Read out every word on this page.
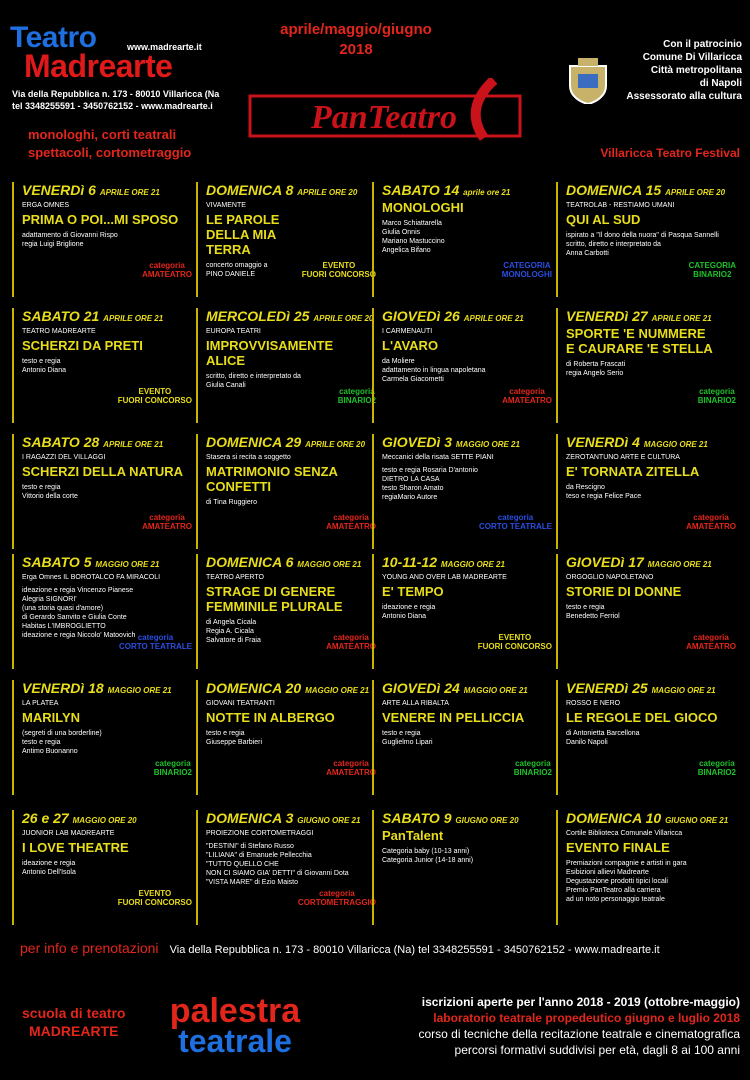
Teatro
Madrearte
www.madrearte.it
Via della Repubblica n. 173 - 80010 Villaricca (Na
tel 3348255591 - 3450762152 - www.madrearte.i
monologhi, corti teatrali
spettacoli, cortometraggio
aprile/maggio/giugno
2018
PanTeatro
Con il patrocinio
Comune Di Villaricca
Città metropolitana
di Napoli
Assessorato alla cultura
Villaricca Teatro Festival
VENERDì 6 APRILE ORE 21
ERGA OMNES
PRIMA O POI...MI SPOSO
adattamento di Giovanni Rispo
regia Luigi Briglione
categoria
AMATEATRO
DOMENICA 8 APRILE ORE 20
VIVAMENTE
LE PAROLE
DELLA MIA
TERRA
concerto omaggio a
PINO DANIELE
EVENTO
FUORI CONCORSO
SABATO 14 aprile ore 21
MONOLOGHI
Marco Schiattarella
Giulia Onnis
Mariano Mastuccino
Angelica Bifano
CATEGORIA
MONOLOGHI
DOMENICA 15 APRILE ORE 20
TEATROLAB - RESTIAMO UMANI
QUI AL SUD
ispirato a "Il dono della nuora" di Pasqua Sannelli
scritto, diretto e interpretato da
Anna Carbotti
CATEGORIA
BINARIO2
SABATO 21 APRILE ORE 21
TEATRO MADREARTE
SCHERZI DA PRETI
testo e regia
Antonio Diana
EVENTO
FUORI CONCORSO
MERCOLEDì 25 APRILE ORE 20
EUROPA TEATRI
IMPROVVISAMENTE
ALICE
scritto, diretto e interpretato da
Giulia Canali
categoria
BINARIO2
GIOVEDì 26 APRILE ORE 21
I CARMENAUTI
L'AVARO
da Moliere
adattamento in lingua napoletana
Carmela Giacometti
categoria
AMATEATRO
VENERDì 27 APRILE ORE 21
SPORTE 'E NUMMERE
E CAURARE 'E STELLA
di Roberta Frascati
regia Angelo Serio
categoria
BINARIO2
SABATO 28 APRILE ORE 21
I RAGAZZI DEL VILLAGGI
SCHERZI DELLA NATURA
testo e regia
Vittorio della corte
categoria
AMATEATRO
DOMENICA 29 APRILE ORE 20
Stasera si recita a soggetto
MATRIMONIO SENZA
CONFETTI
di Tina Ruggiero
categoria
AMATEATRO
GIOVEDì 3 MAGGIO ORE 21
Meccanici della risata SETTE PIANI
testo e regia Rosaria D'antonio
DIETRO LA CASA
testo Sharon Amato
regiaMario Autore
categoria
CORTO TEATRALE
VENERDì 4 MAGGIO ORE 21
ZEROTANTUNO ARTE E CULTURA
E' TORNATA ZITELLA
da Rescigno
teso e regia Felice Pace
categoria
AMATEATRO
SABATO 5 MAGGIO ORE 21
Erga Omnes IL BOROTALCO FA MIRACOLI
ideazione e regia Vincenzo Pianese
Alegria SIGNORI'
(una storia quasi d'amore)
di Gerardo Sanvito e Giulia Conte
Habitas L'IMBROGLIETTO
ideazione e regia Niccolo' Matoovich categoria
CORTO TEATRALE
DOMENICA 6 MAGGIO ORE 21
TEATRO APERTO
STRAGE DI GENERE
FEMMINILE PLURALE
di Angela Cicala
Regia A. Cicala
Salvatore di Fraia	categoria
AMATEATRO
10-11-12 MAGGIO ORE 21
YOUNG AND OVER LAB MADREARTE
E' TEMPO
ideazione e regia
Antonio Diana
EVENTO
FUORI CONCORSO
GIOVEDì 17 MAGGIO ORE 21
ORGOGLIO NAPOLETANO
STORIE DI DONNE
testo e regia
Benedetto Ferriol
categoria
AMATEATRO
VENERDì 18 MAGGIO ORE 21
LA PLATEA
MARILYN
(segreti di una borderline)
testo e regia
Antimo Buonanno
categoria
BINARIO2
DOMENICA 20 MAGGIO ORE 21
GIOVANI TEATRANTI
NOTTE IN ALBERGO
testo e regia
Giuseppe Barbieri
categoria
AMATEATRO
GIOVEDì 24 MAGGIO ORE 21
ARTE ALLA RIBALTA
VENERE IN PELLICCIA
testo e regia
Guglielmo Lipari
categoria
BINARIO2
VENERDì 25 MAGGIO ORE 21
ROSSO E NERO
LE REGOLE DEL GIOCO
di Antonietta Barcellona
Danilo Napoli
categoria
BINARIO2
26 e 27 MAGGIO ORE 20
JUONIOR LAB MADREARTE
I LOVE THEATRE
ideazione e regia
Antonio Dell'Isola
EVENTO
FUORI CONCORSO
DOMENICA 3 GIUGNO ORE 21
PROIEZIONE CORTOMETRAGGI
"DESTINI" di Stefano Russo
"LILIANA" di Emanuele Pellecchia
"TUTTO QUELLO CHE
NON CI SIAMO GIA' DETTI" di Giovanni Dota
"VISTA MARE" di Ezio Maisto
categoria
CORTOMETRAGGIO
SABATO 9 GIUGNO ORE 20
PanTalent
Categoria baby (10-13 anni)
Categoria Junior (14-18 anni)
DOMENICA 10 GIUGNO ORE 21
Cortile Biblioteca Comunale Villaricca
EVENTO FINALE
Premiazioni compagnie e artisti in gara
Esibizioni allievi Madrearte
Degustazione prodotti tipici locali
Premio PanTeatro alla carriera
ad un noto personaggio teatrale
per info e prenotazioni Via della Repubblica n. 173 - 80010 Villaricca (Na) tel 3348255591 - 3450762152 - www.madrearte.it
scuola di teatro
MADREARTE
palestra
teatrale
iscrizioni aperte per l'anno 2018 - 2019 (ottobre-maggio)
laboratorio teatrale propedeutico giugno e luglio 2018
corso di tecniche della recitazione teatrale e cinematografica
percorsi formativi suddivisi per età, dagli 8 ai 100 anni
